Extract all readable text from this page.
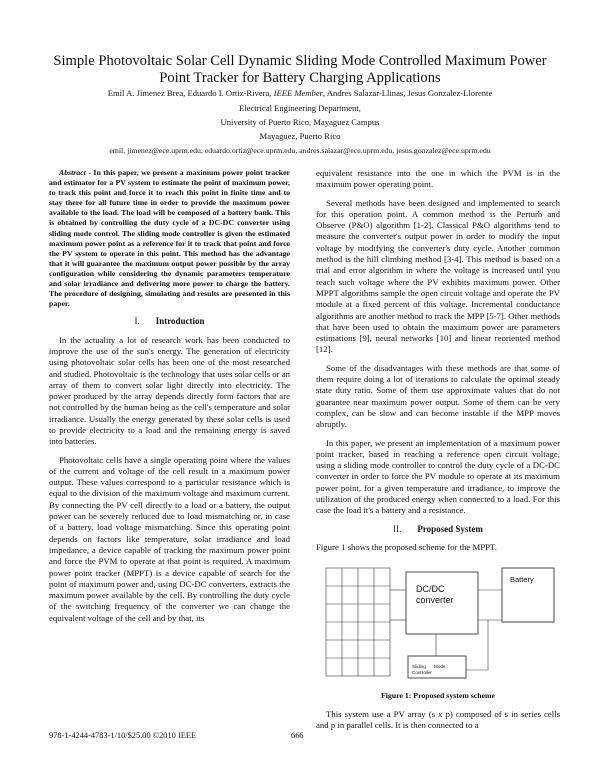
Simple Photovoltaic Solar Cell Dynamic Sliding Mode Controlled Maximum Power Point Tracker for Battery Charging Applications
Emil A. Jimenez Brea, Eduardo I. Ortiz-Rivera, IEEE Member, Andres Salazar-Llinas, Jesus Gonzalez-Llorente
Electrical Engineering Department,
University of Puerto Rico, Mayaguez Campus
Mayaguez, Puerto Rico
emil. jimenez@ece.uprm.edu, eduardo.ortiz@ece.uprm.edu, andres.salazar@ece.uprm.edu, jesus.gonzalez@ece.uprm.edu

Abstract - In this paper, we present a maximum power point tracker and estimator for a PV system to estimate the point of maximum power, to track this point and force it to reach this point in finite time and to stay there for all future time in order to provide the maximum power available to the load. The load will be composed of a battery bank. This is obtained by controlling the duty cycle of a DC-DC converter using sliding mode control. The sliding mode controller is given the estimated maximum power point as a reference for it to track that point and force the PV system to operate in this point. This method has the advantage that it will guarantee the maximum output power possible by the array configuration while considering the dynamic parameters temperature and solar irradiance and delivering more power to charge the battery. The procedure of designing, simulating and results are presented in this paper.

I. Introduction

In the actuality a lot of research work has been conducted to improve the use of the sun's energy. The generation of electricity using photovoltaic solar cells has been one of the most researched and studied. Photovoltaic is the technology that uses solar cells or an array of them to convert solar light directly into electricity. The power produced by the array depends directly form factors that are not controlled by the human being as the cell's temperature and solar irradiance. Usually the energy generated by these solar cells is used to provide electricity to a load and the remaining energy is saved into batteries.

Photovoltaic cells have a single operating point where the values of the current and voltage of the cell result in a maximum power output. These values correspond to a particular resistance which is equal to the division of the maximum voltage and maximum current. By connecting the PV cell directly to a load or a battery, the output power can be severely reduced due to load mismatching or, in case of a battery, load voltage mismatching. Since this operating point depends on factors like temperature, solar irradiance and load impedance, a device capable of tracking the maximum power point and force the PVM to operate at that point is required. A maximum power point tracker (MPPT) is a device capable of search for the point of maximum power and, using DC-DC converters, extracts the maximum power available by the cell. By controlling the duty cycle of the switching frequency of the converter we can change the equivalent voltage of the cell and by that, its

equivalent resistance into the one in which the PVM is in the maximum power operating point.

Several methods have been designed and implemented to search for this operation point. A common method is the Perturb and Observe (P&O) algorithm [1-2]. Classical P&O algorithms tend to measure the converter's output power in order to modify the input voltage by modifying the converter's duty cycle. Another common method is the hill climbing method [3-4]. This method is based on a trial and error algorithm in where the voltage is increased until you reach such voltage where the PV exhibits maximum power. Other MPPT algorithms sample the open circuit voltage and operate the PV module at a fixed percent of this voltage. Incremental conductance algorithms are another method to track the MPP [5-7]. Other methods that have been used to obtain the maximum power are parameters estimations [9], neural networks [10] and linear reoriented method [12].

Some of the disadvantages with these methods are that some of them require doing a lot of iterations to calculate the optimal steady state duty ratio. Some of them use approximate values that do not guarantee near maximum power output. Some of them can be very complex, can be slow and can become instable if the MPP moves abruptly.

In this paper, we present an implementation of a maximum power point tracker, based in reaching a reference open circuit voltage, using a sliding mode controller to control the duty cycle of a DC-DC converter in order to force the PV module to operate at its maximum power point, for a given temperature and irradiance, to improve the utilization of the produced energy when connected to a load. For this case the load it's a battery and a resistance.

II. Proposed System

Figure 1 shows the proposed scheme for the MPPT.

DC/DC
converter
Battery
Sliding Mode
Controller
Figure 1: Proposed system scheme

This system use a PV array (s x p) composed of s in series cells and p in parallel cells. It is then connected to a

978-1-4244-4783-1/10/$25.00 ©2010 IEEE	666
